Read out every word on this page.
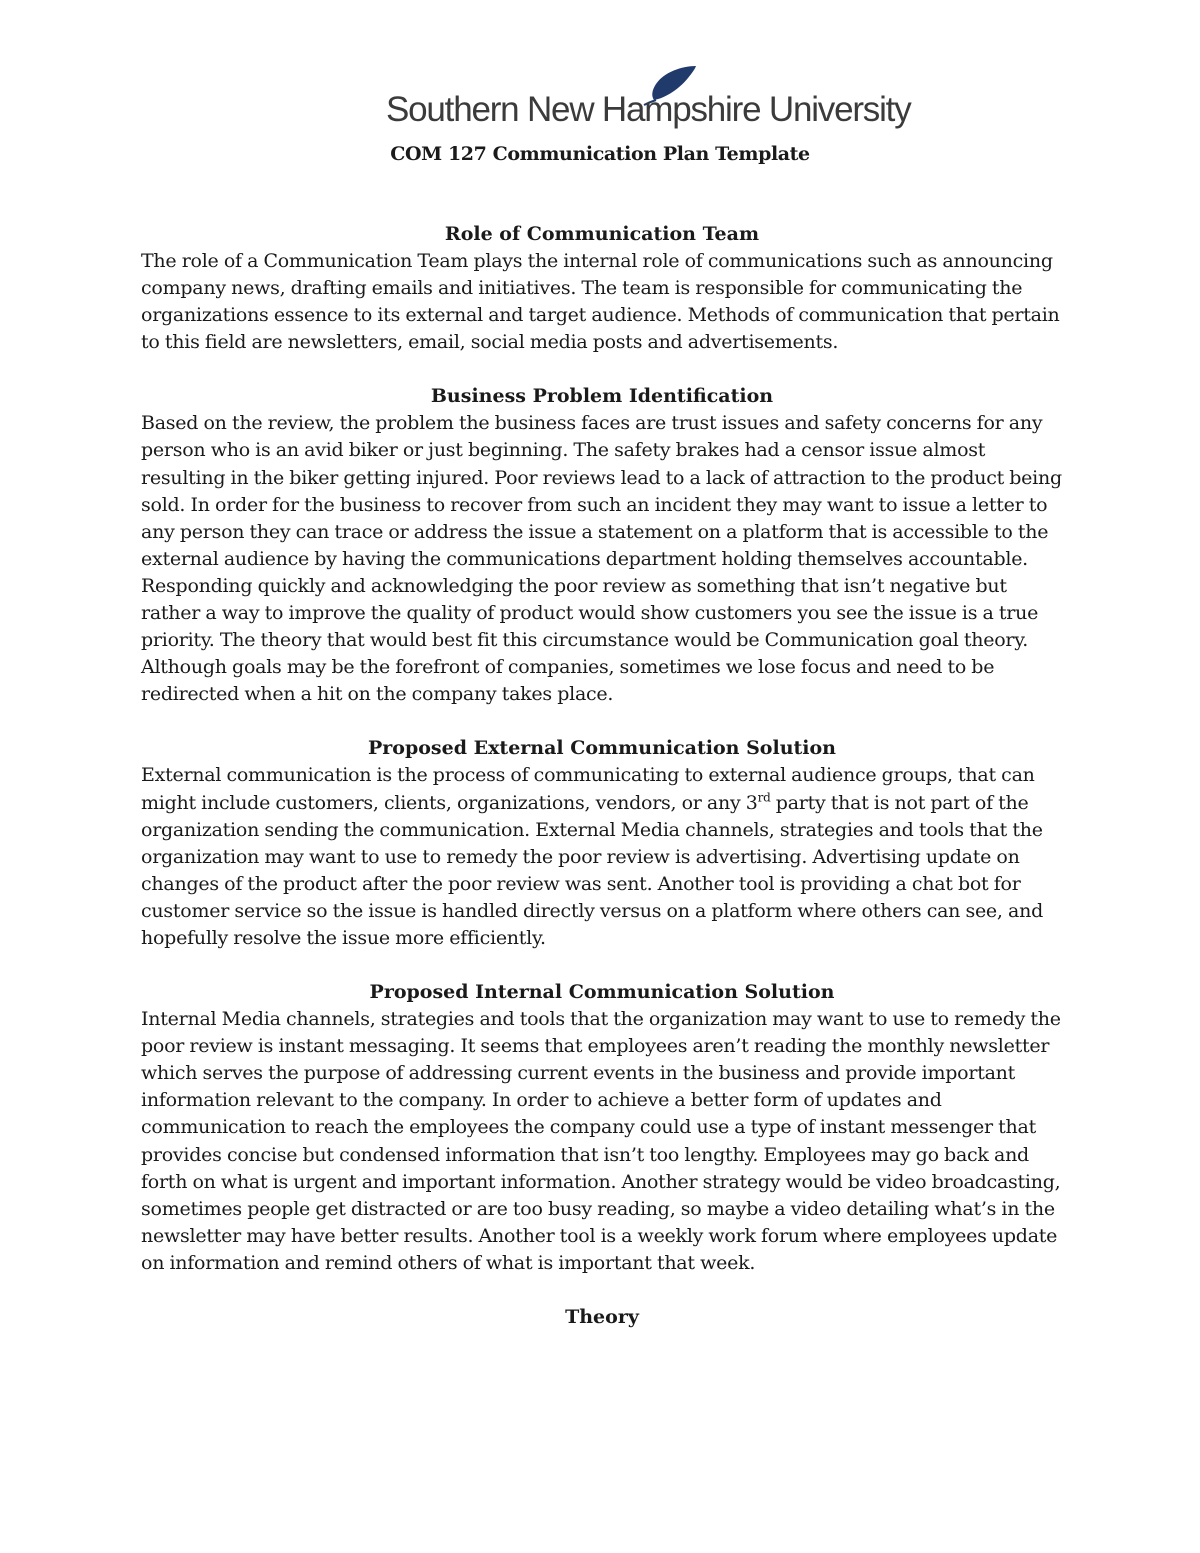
Southern New Hampshire University
COM 127 Communication Plan Template
Role of Communication Team

The role of a Communication Team plays the internal role of communications such as announcing company news, drafting emails and initiatives. The team is responsible for communicating the organizations essence to its external and target audience. Methods of communication that pertain to this field are newsletters, email, social media posts and advertisements.

Business Problem Identification

Based on the review, the problem the business faces are trust issues and safety concerns for any person who is an avid biker or just beginning. The safety brakes had a censor issue almost resulting in the biker getting injured. Poor reviews lead to a lack of attraction to the product being sold. In order for the business to recover from such an incident they may want to issue a letter to any person they can trace or address the issue a statement on a platform that is accessible to the external audience by having the communications department holding themselves accountable. Responding quickly and acknowledging the poor review as something that isn’t negative but rather a way to improve the quality of product would show customers you see the issue is a true priority. The theory that would best fit this circumstance would be Communication goal theory. Although goals may be the forefront of companies, sometimes we lose focus and need to be redirected when a hit on the company takes place.

Proposed External Communication Solution

External communication is the process of communicating to external audience groups, that can might include customers, clients, organizations, vendors, or any 3rd party that is not part of the organization sending the communication. External Media channels, strategies and tools that the organization may want to use to remedy the poor review is advertising. Advertising update on changes of the product after the poor review was sent. Another tool is providing a chat bot for customer service so the issue is handled directly versus on a platform where others can see, and hopefully resolve the issue more efficiently.

Proposed Internal Communication Solution

Internal Media channels, strategies and tools that the organization may want to use to remedy the poor review is instant messaging. It seems that employees aren’t reading the monthly newsletter which serves the purpose of addressing current events in the business and provide important information relevant to the company. In order to achieve a better form of updates and communication to reach the employees the company could use a type of instant messenger that provides concise but condensed information that isn’t too lengthy. Employees may go back and forth on what is urgent and important information. Another strategy would be video broadcasting, sometimes people get distracted or are too busy reading, so maybe a video detailing what’s in the newsletter may have better results. Another tool is a weekly work forum where employees update on information and remind others of what is important that week.

Theory
